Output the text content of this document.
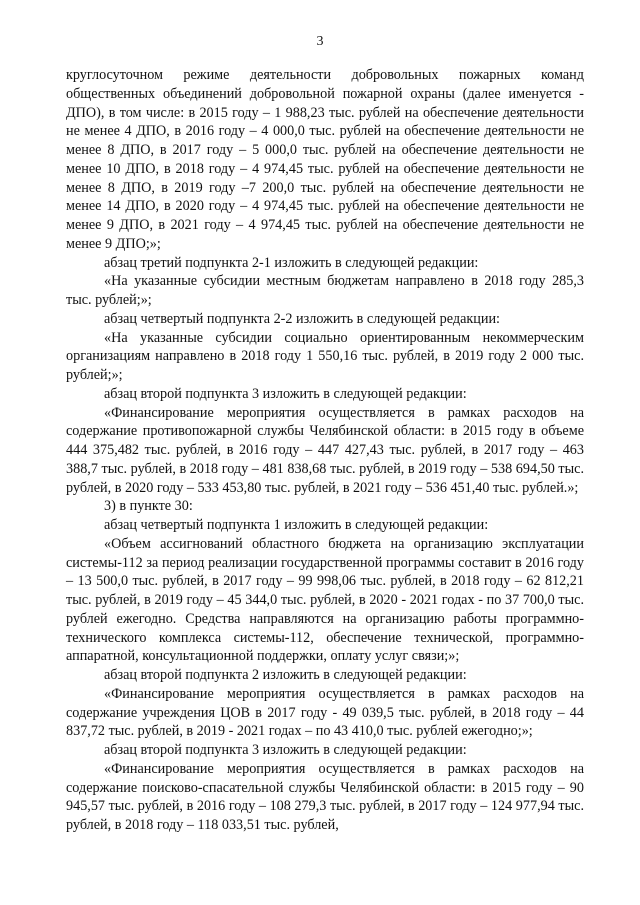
3

круглосуточном режиме деятельности добровольных пожарных команд общественных объединений добровольной пожарной охраны (далее именуется - ДПО), в том числе: в 2015 году – 1 988,23 тыс. рублей на обеспечение деятельности не менее 4 ДПО, в 2016 году – 4 000,0 тыс. рублей на обеспечение деятельности не менее 8 ДПО, в 2017 году – 5 000,0 тыс. рублей на обеспечение деятельности не менее 10 ДПО, в 2018 году – 4 974,45 тыс. рублей на обеспечение деятельности не менее 8 ДПО, в 2019 году –7 200,0 тыс. рублей на обеспечение деятельности не менее 14 ДПО, в 2020 году – 4 974,45 тыс. рублей на обеспечение деятельности не менее 9 ДПО, в 2021 году – 4 974,45 тыс. рублей на обеспечение деятельности не менее 9 ДПО;»;

абзац третий подпункта 2-1 изложить в следующей редакции:

«На указанные субсидии местным бюджетам направлено в 2018 году 285,3 тыс. рублей;»;

абзац четвертый подпункта 2-2 изложить в следующей редакции:

«На указанные субсидии социально ориентированным некоммерческим организациям направлено в 2018 году 1 550,16 тыс. рублей, в 2019 году 2 000 тыс. рублей;»;

абзац второй подпункта 3 изложить в следующей редакции:

«Финансирование мероприятия осуществляется в рамках расходов на содержание противопожарной службы Челябинской области: в 2015 году в объеме 444 375,482 тыс. рублей, в 2016 году – 447 427,43 тыс. рублей, в 2017 году – 463 388,7 тыс. рублей, в 2018 году – 481 838,68 тыс. рублей, в 2019 году – 538 694,50 тыс. рублей, в 2020 году – 533 453,80 тыс. рублей, в 2021 году – 536 451,40 тыс. рублей.»;

3) в пункте 30:

абзац четвертый подпункта 1 изложить в следующей редакции:

«Объем ассигнований областного бюджета на организацию эксплуатации системы-112 за период реализации государственной программы составит в 2016 году – 13 500,0 тыс. рублей, в 2017 году – 99 998,06 тыс. рублей, в 2018 году – 62 812,21 тыс. рублей, в 2019 году – 45 344,0 тыс. рублей, в 2020 - 2021 годах - по 37 700,0 тыс. рублей ежегодно. Средства направляются на организацию работы программно-технического комплекса системы-112, обеспечение технической, программно-аппаратной, консультационной поддержки, оплату услуг связи;»;

абзац второй подпункта 2 изложить в следующей редакции:

«Финансирование мероприятия осуществляется в рамках расходов на содержание учреждения ЦОВ в 2017 году - 49 039,5 тыс. рублей, в 2018 году – 44 837,72 тыс. рублей, в 2019 - 2021 годах – по 43 410,0 тыс. рублей ежегодно;»;

абзац второй подпункта 3 изложить в следующей редакции:

«Финансирование мероприятия осуществляется в рамках расходов на содержание поисково-спасательной службы Челябинской области: в 2015 году – 90 945,57 тыс. рублей, в 2016 году – 108 279,3 тыс. рублей, в 2017 году – 124 977,94 тыс. рублей, в 2018 году – 118 033,51 тыс. рублей,
